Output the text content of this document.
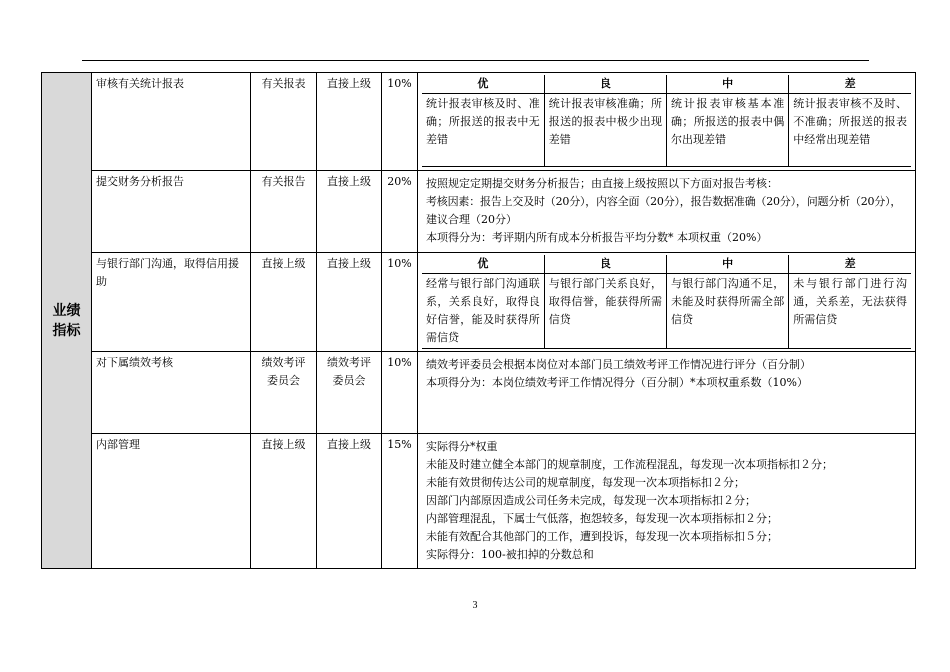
业绩指标	审核有关统计报表	有关报表	直接上级	10%		优	良	中	差
统计报表审核及时、准确；所报送的报表中无差错	统计报表审核准确；所报送的报表中极少出现差错	统计报表审核基本准确；所报送的报表中偶尔出现差错	统计报表审核不及时、不准确；所报送的报表中经常出现差错

提交财务分析报告	有关报告	直接上级	20%	按照规定定期提交财务分析报告；由直接上级按照以下方面对报告考核：
考核因素：报告上交及时（20分），内容全面（20分），报告数据准确（20分），问题分析（20分），
建议合理（20分）
本项得分为：考评期内所有成本分析报告平均分数* 本项权重（20%）

与银行部门沟通，取得信用援助	直接上级	直接上级	10%		优	良	中	差
经常与银行部门沟通联系，关系良好，取得良好信誉，能及时获得所需信贷	与银行部门关系良好，取得信誉，能获得所需信贷	与银行部门沟通不足，未能及时获得所需全部信贷	未与银行部门进行沟通，关系差，无法获得所需信贷

对下属绩效考核	绩效考评委员会	绩效考评委员会	10%	绩效考评委员会根据本岗位对本部门员工绩效考评工作情况进行评分（百分制）
本项得分为：本岗位绩效考评工作情况得分（百分制）*本项权重系数（10%）

内部管理	直接上级	直接上级	15%	实际得分*权重
未能及时建立健全本部门的规章制度，工作流程混乱，每发现一次本项指标扣２分；
未能有效贯彻传达公司的规章制度，每发现一次本项指标扣２分；
因部门内部原因造成公司任务未完成，每发现一次本项指标扣２分；
内部管理混乱，下属士气低落，抱怨较多，每发现一次本项指标扣２分；
未能有效配合其他部门的工作，遭到投诉，每发现一次本项指标扣５分；
实际得分：100-被扣掉的分数总和
3
